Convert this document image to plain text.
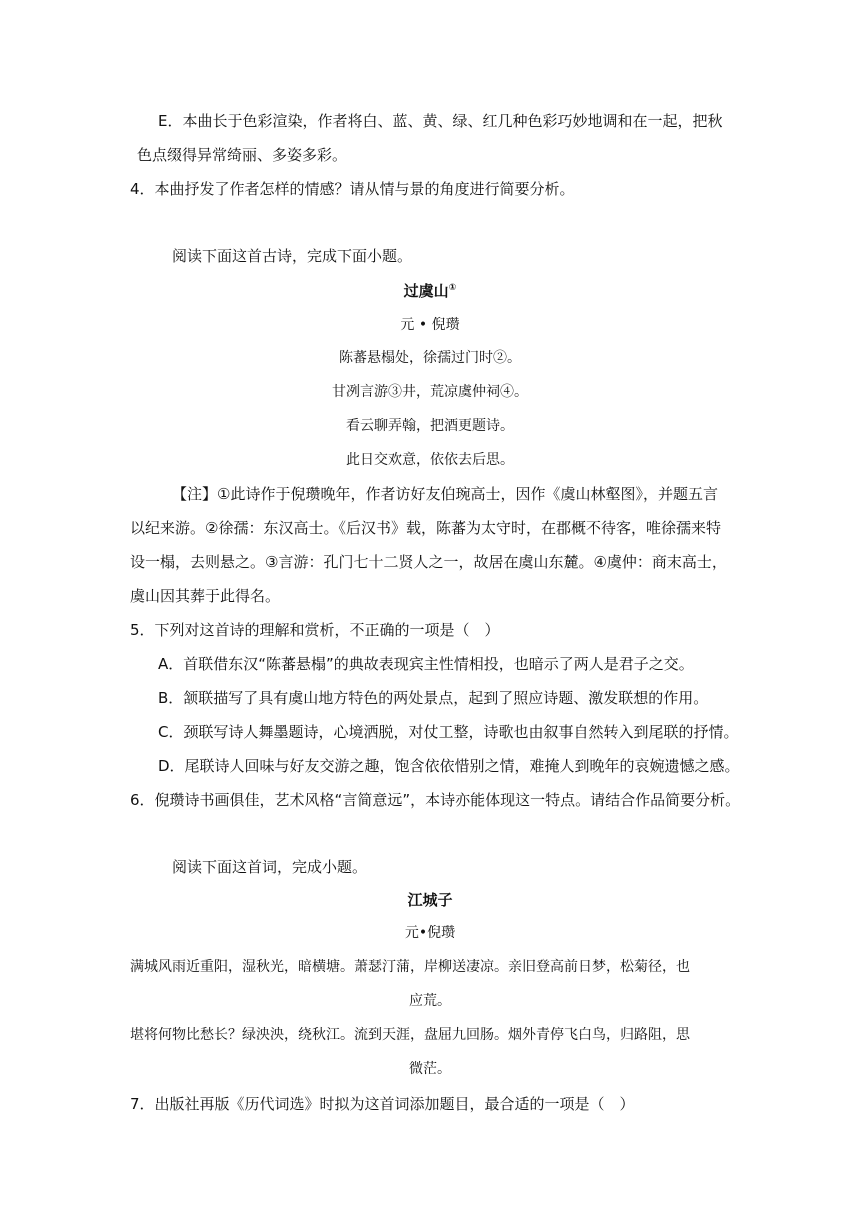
E．本曲长于色彩渲染，作者将白、蓝、黄、绿、红几种色彩巧妙地调和在一起，把秋
色点缀得异常绮丽、多姿多彩。
4．本曲抒发了作者怎样的情感？请从情与景的角度进行简要分析。
阅读下面这首古诗，完成下面小题。
过虞山①
元 • 倪瓒
陈蕃悬榻处，徐孺过门时②。
甘冽言游③井，荒凉虞仲祠④。
看云聊弄翰，把酒更题诗。
此日交欢意，依依去后思。
【注】①此诗作于倪瓒晚年，作者访好友伯琬高士，因作《虞山林壑图》，并题五言
以纪来游。②徐孺：东汉高士。《后汉书》载，陈蕃为太守时，在郡概不待客，唯徐孺来特
设一榻，去则悬之。③言游：孔门七十二贤人之一，故居在虞山东麓。④虞仲：商末高士，
虞山因其葬于此得名。
5．下列对这首诗的理解和赏析，不正确的一项是（　）
A．首联借东汉“陈蕃悬榻”的典故表现宾主性情相投，也暗示了两人是君子之交。
B．颔联描写了具有虞山地方特色的两处景点，起到了照应诗题、激发联想的作用。
C．颈联写诗人舞墨题诗，心境洒脱，对仗工整，诗歌也由叙事自然转入到尾联的抒情。
D．尾联诗人回味与好友交游之趣，饱含依依惜别之情，难掩人到晚年的哀婉遗憾之感。
6．倪瓒诗书画俱佳，艺术风格“言简意远”，本诗亦能体现这一特点。请结合作品简要分析。
阅读下面这首词，完成小题。
江城子
元•倪瓒
满城风雨近重阳，湿秋光，暗横塘。萧瑟汀蒲，岸柳送凄凉。亲旧登高前日梦，松菊径，也
应荒。
堪将何物比愁长？绿泱泱，绕秋江。流到天涯，盘屈九回肠。烟外青停飞白鸟，归路阻，思
微茫。
7．出版社再版《历代词选》时拟为这首词添加题目，最合适的一项是（　）
